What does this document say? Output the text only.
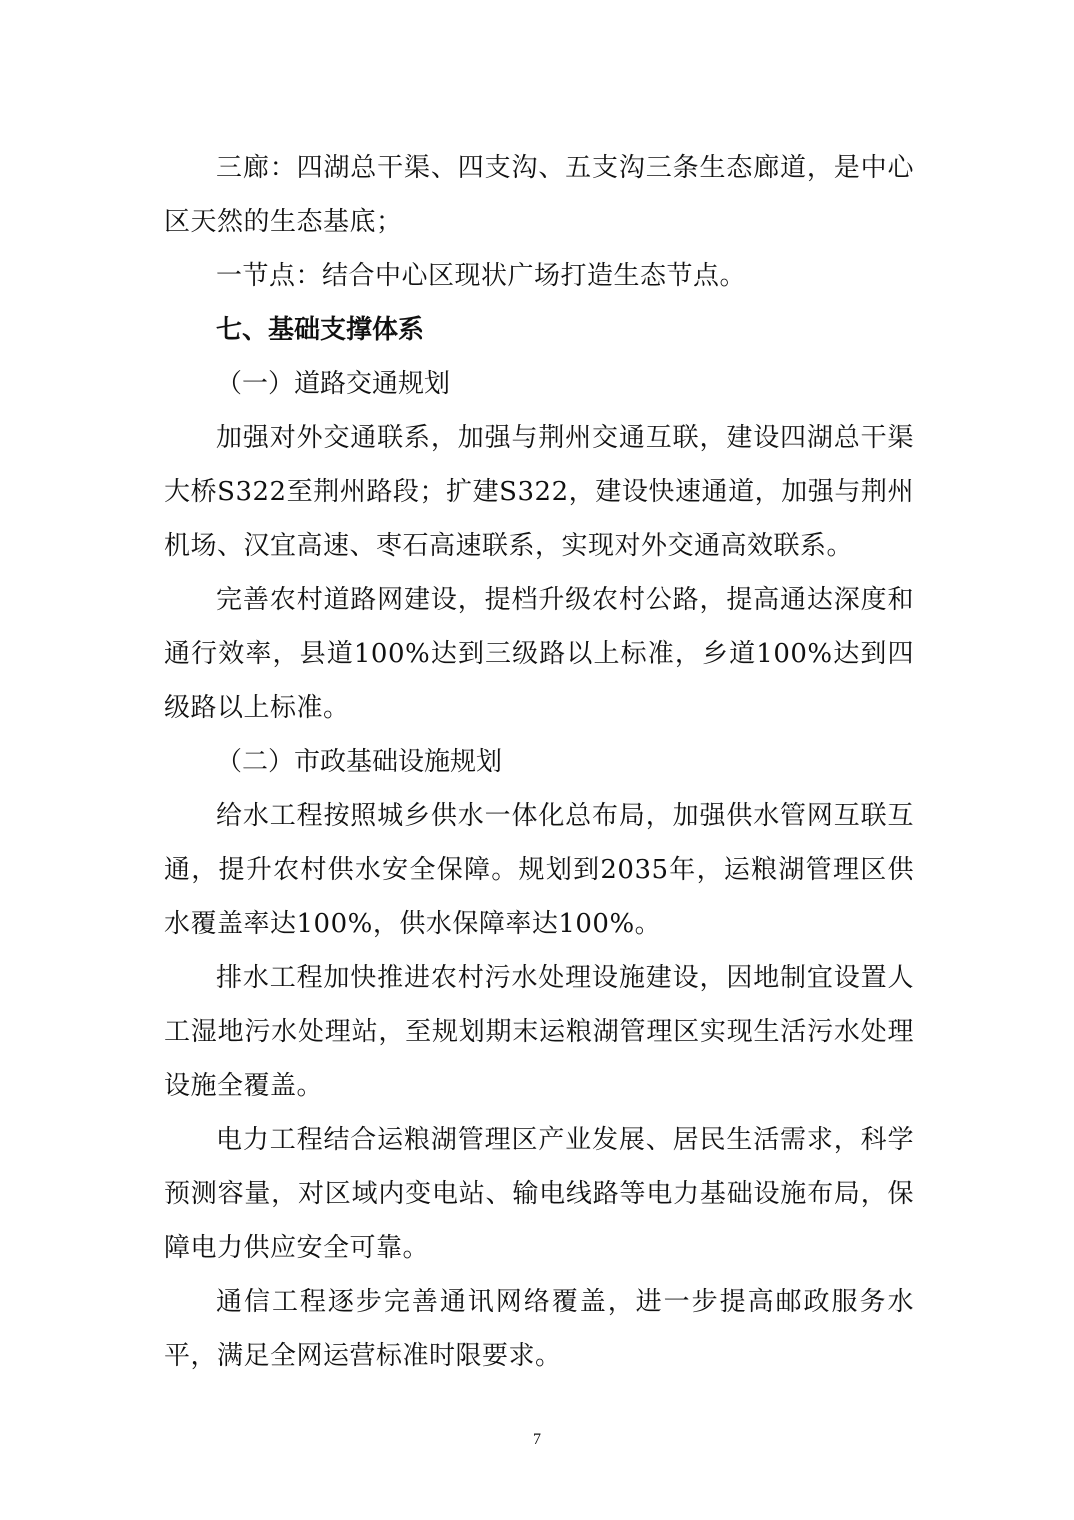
三廊：四湖总干渠、四支沟、五支沟三条生态廊道，是中心区天然的生态基底；

一节点：结合中心区现状广场打造生态节点。

七、基础支撑体系

（一）道路交通规划

加强对外交通联系，加强与荆州交通互联，建设四湖总干渠大桥S322至荆州路段；扩建S322，建设快速通道，加强与荆州机场、汉宜高速、枣石高速联系，实现对外交通高效联系。

完善农村道路网建设，提档升级农村公路，提高通达深度和通行效率，县道100%达到三级路以上标准，乡道100%达到四级路以上标准。

（二）市政基础设施规划

给水工程按照城乡供水一体化总布局，加强供水管网互联互通，提升农村供水安全保障。规划到2035年，运粮湖管理区供水覆盖率达100%，供水保障率达100%。

排水工程加快推进农村污水处理设施建设，因地制宜设置人工湿地污水处理站，至规划期末运粮湖管理区实现生活污水处理设施全覆盖。

电力工程结合运粮湖管理区产业发展、居民生活需求，科学预测容量，对区域内变电站、输电线路等电力基础设施布局，保障电力供应安全可靠。

通信工程逐步完善通讯网络覆盖，进一步提高邮政服务水平，满足全网运营标准时限要求。

7
